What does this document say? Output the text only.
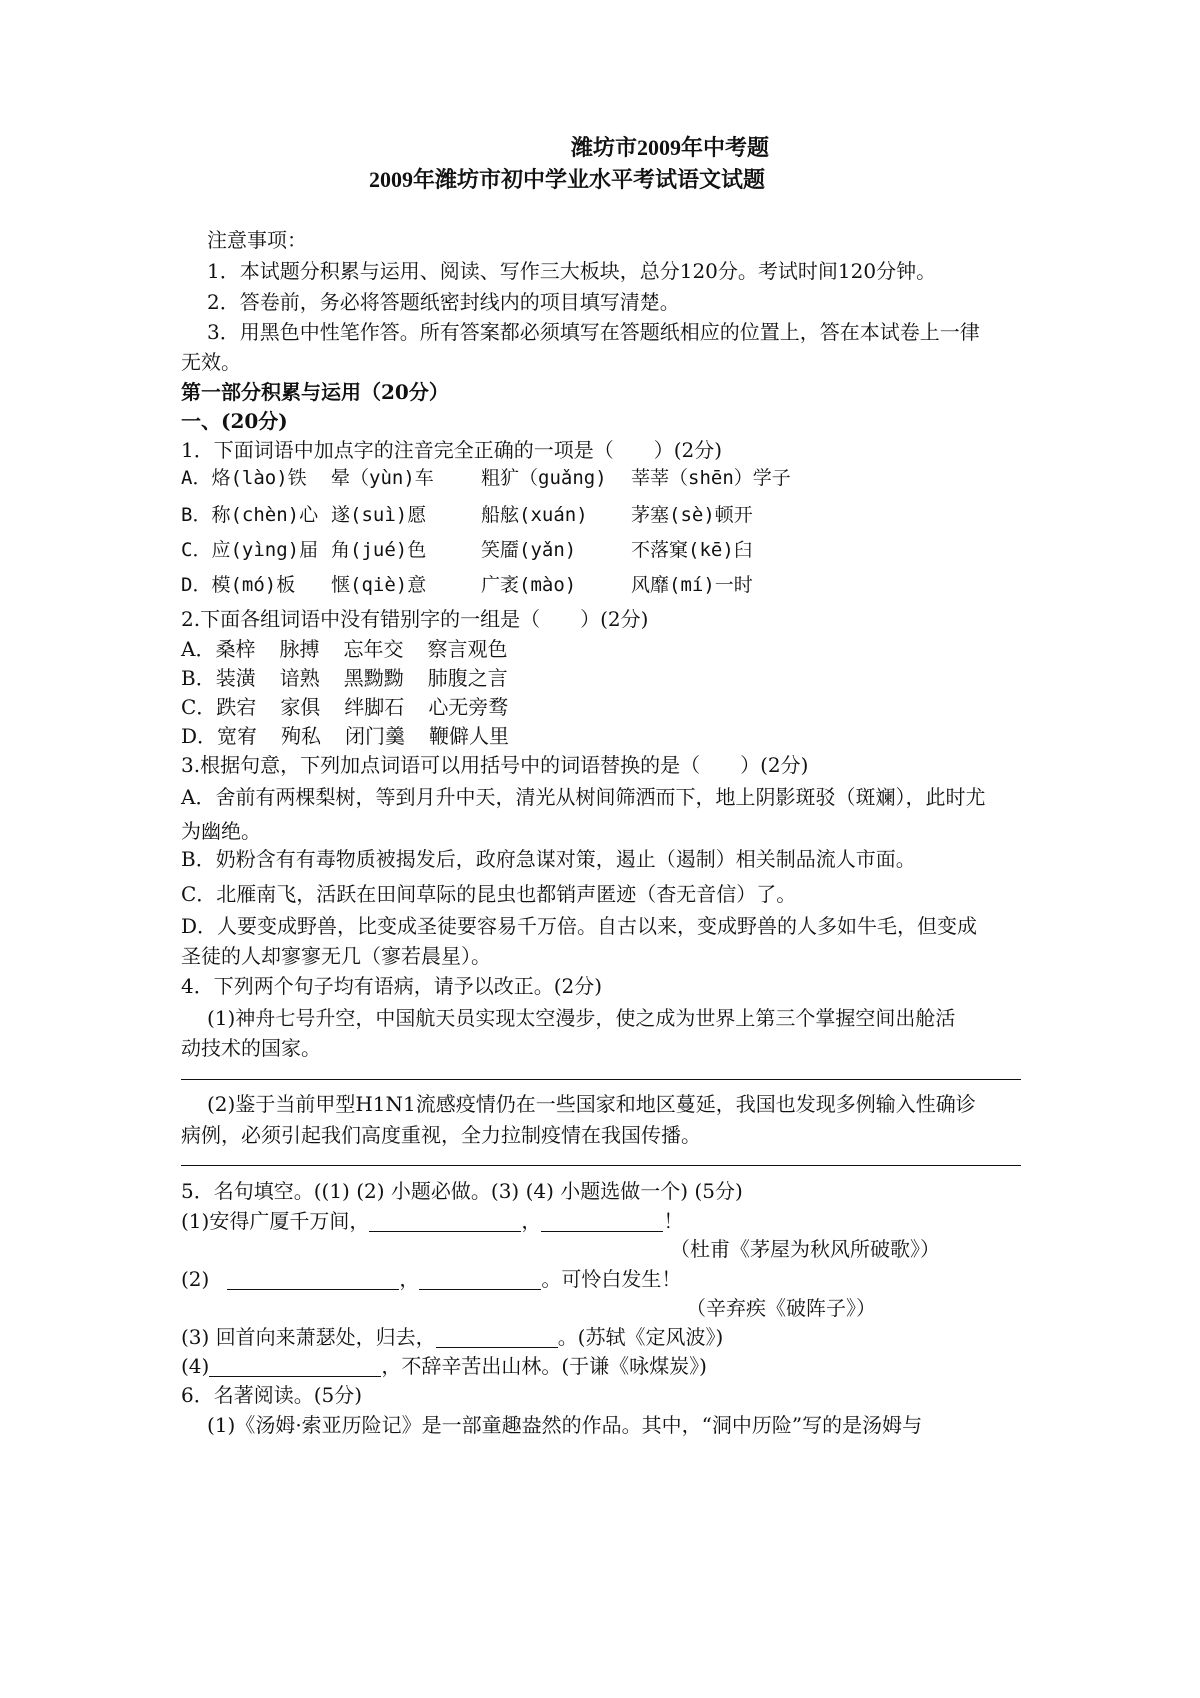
潍坊市2009年中考题
2009年潍坊市初中学业水平考试语文试题
注意事项：
1．本试题分积累与运用、阅读、写作三大板块，总分120分。考试时间120分钟。
2．答卷前，务必将答题纸密封线内的项目填写清楚。
3．用黑色中性笔作答。所有答案都必须填写在答题纸相应的位置上，答在本试卷上一律
无效。
第一部分积累与运用（20分）
一、(20分)
1．下面词语中加点字的注音完全正确的一项是（　　）(2分)
A．烙(lào)铁	晕（yùn)车	粗犷（guǎng)	莘莘（shēn）学子
B．称(chèn)心 遂(suì)愿	船舷(xuán)	茅塞(sè)顿开
C．应(yìng)届 角(jué)色	笑靥(yǎn)	不落窠(kē)臼
D．模(mó)板	惬(qiè)意	广袤(mào)	风靡(mí)一时
2.下面各组词语中没有错别字的一组是（　　）(2分)
A．桑梓 脉搏 忘年交 察言观色
B．装潢 谙熟 黑黝黝 肺腹之言
C．跌宕 家俱 绊脚石 心无旁骛
D．宽宥 殉私 闭门羹 鞭僻人里
3.根据句意，下列加点词语可以用括号中的词语替换的是（　　）(2分)
A．舍前有两棵梨树，等到月升中天，清光从树间筛洒而下，地上阴影斑驳（斑斓），此时尤
为幽绝。
B．奶粉含有有毒物质被揭发后，政府急谋对策，遏止（遏制）相关制品流人市面。
C．北雁南飞，活跃在田间草际的昆虫也都销声匿迹（杳无音信）了。
D．人要变成野兽，比变成圣徒要容易千万倍。自古以来，变成野兽的人多如牛毛，但变成
圣徒的人却寥寥无几（寥若晨星）。
4．下列两个句子均有语病，请予以改正。(2分)
(1)神舟七号升空，中国航天员实现太空漫步，使之成为世界上第三个掌握空间出舱活
动技术的国家。
(2)鉴于当前甲型H1N1流感疫情仍在一些国家和地区蔓延，我国也发现多例输入性确诊
病例，必须引起我们高度重视，全力拉制疫情在我国传播。
5．名句填空。((1) (2) 小题必做。(3) (4) 小题选做一个) (5分)
(1)安得广厦千万间，	，	！
（杜甫《茅屋为秋风所破歌》）
(2)	，	。可怜白发生！
（辛弃疾《破阵子》）
(3) 回首向来萧瑟处，归去，	。(苏轼《定风波》)
(4)	，不辞辛苦出山林。(于谦《咏煤炭》)
6．名著阅读。(5分)
(1)《汤姆·索亚历险记》是一部童趣盎然的作品。其中，“洞中历险”写的是汤姆与
